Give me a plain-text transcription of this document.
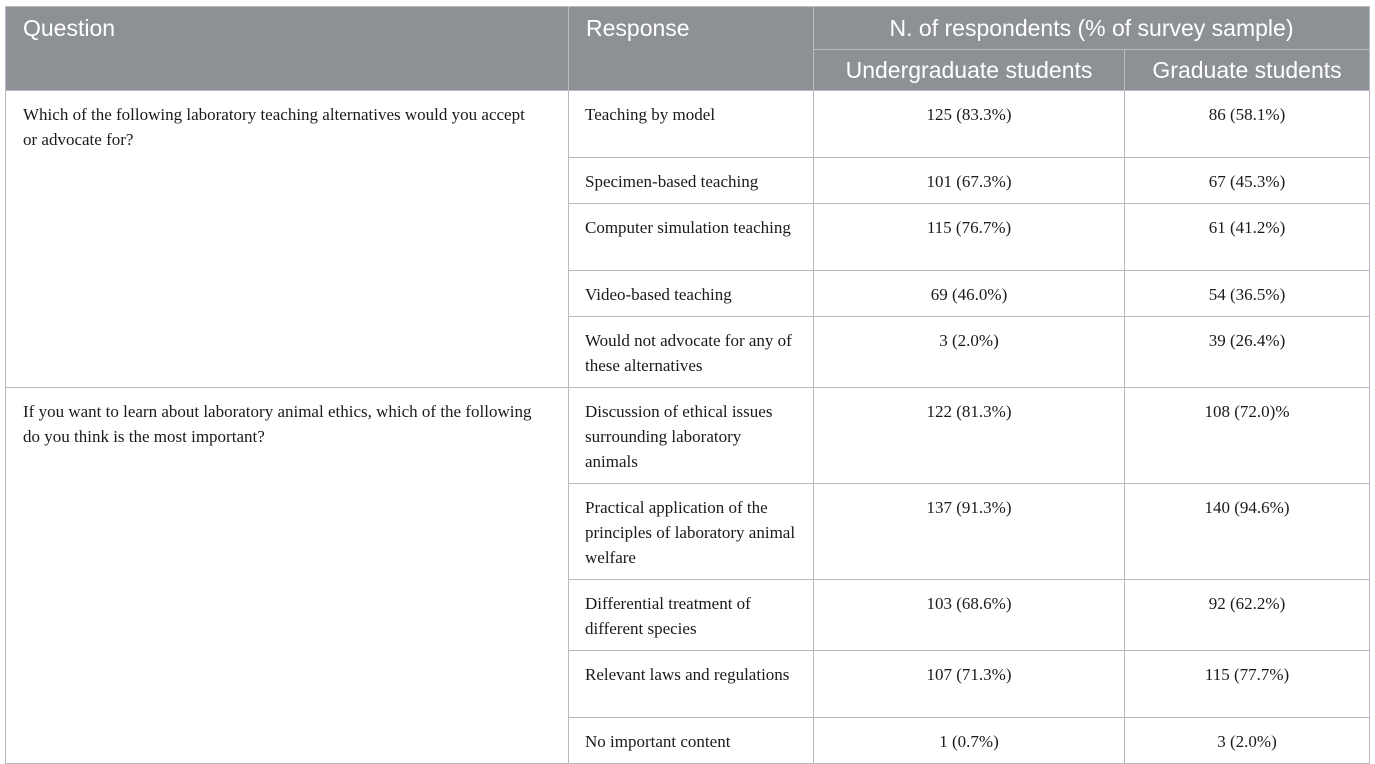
Question	Response	N. of respondents (% of survey sample)	
		Undergraduate students	Graduate students
Which of the following laboratory teaching alternatives would you accept or advocate for?	Teaching by model	125 (83.3%)	86 (58.1%)
	Specimen-based teaching	101 (67.3%)	67 (45.3%)
	Computer simulation teaching	115 (76.7%)	61 (41.2%)
	Video-based teaching	69 (46.0%)	54 (36.5%)
	Would not advocate for any of these alternatives	3 (2.0%)	39 (26.4%)
If you want to learn about laboratory animal ethics, which of the following do you think is the most important?	Discussion of ethical issues surrounding laboratory animals	122 (81.3%)	108 (72.0)%
	Practical application of the principles of laboratory animal welfare	137 (91.3%)	140 (94.6%)
	Differential treatment of different species	103 (68.6%)	92 (62.2%)
	Relevant laws and regulations	107 (71.3%)	115 (77.7%)
	No important content	1 (0.7%)	3 (2.0%)
